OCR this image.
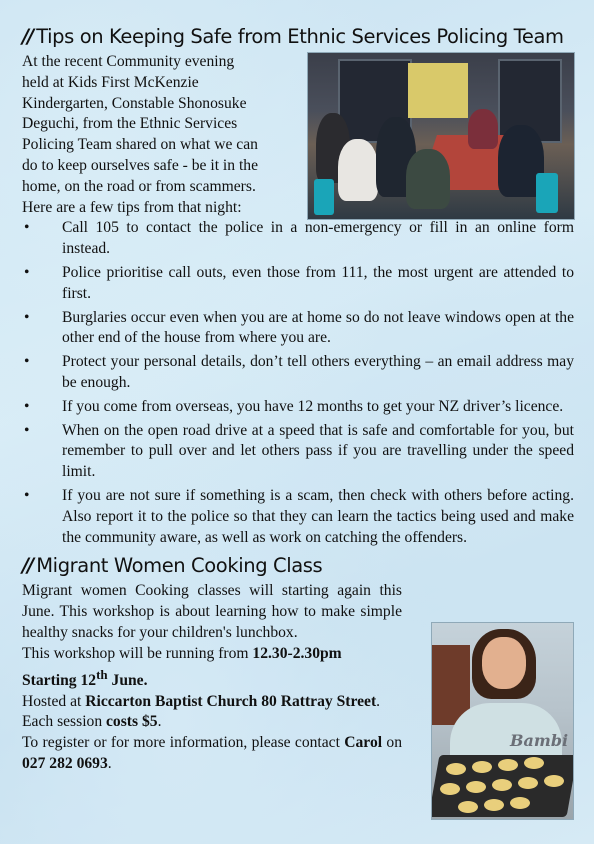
// Tips on Keeping Safe from Ethnic Services Policing Team
At the recent Community evening
held at Kids First McKenzie
Kindergarten, Constable Shonosuke
Deguchi, from the Ethnic Services
Policing Team shared on what we can
do to keep ourselves safe - be it in the
home, on the road or from scammers.
Here are a few tips from that night:
• Call 105 to contact the police in a non-emergency or fill in an online form instead.
• Police prioritise call outs, even those from 111, the most urgent are attended to first.
• Burglaries occur even when you are at home so do not leave windows open at the other end of the house from where you are.
• Protect your personal details, don’t tell others everything – an email address may be enough.
• If you come from overseas, you have 12 months to get your NZ driver’s licence.
• When on the open road drive at a speed that is safe and comfortable for you, but remember to pull over and let others pass if you are travelling under the speed limit.
• If you are not sure if something is a scam, then check with others before acting. Also report it to the police so that they can learn the tactics being used and make the community aware, as well as work on catching the offenders.
// Migrant Women Cooking Class
Bambi
Migrant women Cooking classes will starting again this June. This workshop is about learning how to make simple healthy snacks for your children's lunchbox.
This workshop will be running from 12.30-2.30pm
Starting 12th June.
Hosted at Riccarton Baptist Church 80 Rattray Street.
Each session costs $5.
To register or for more information, please contact Carol on 027 282 0693.
